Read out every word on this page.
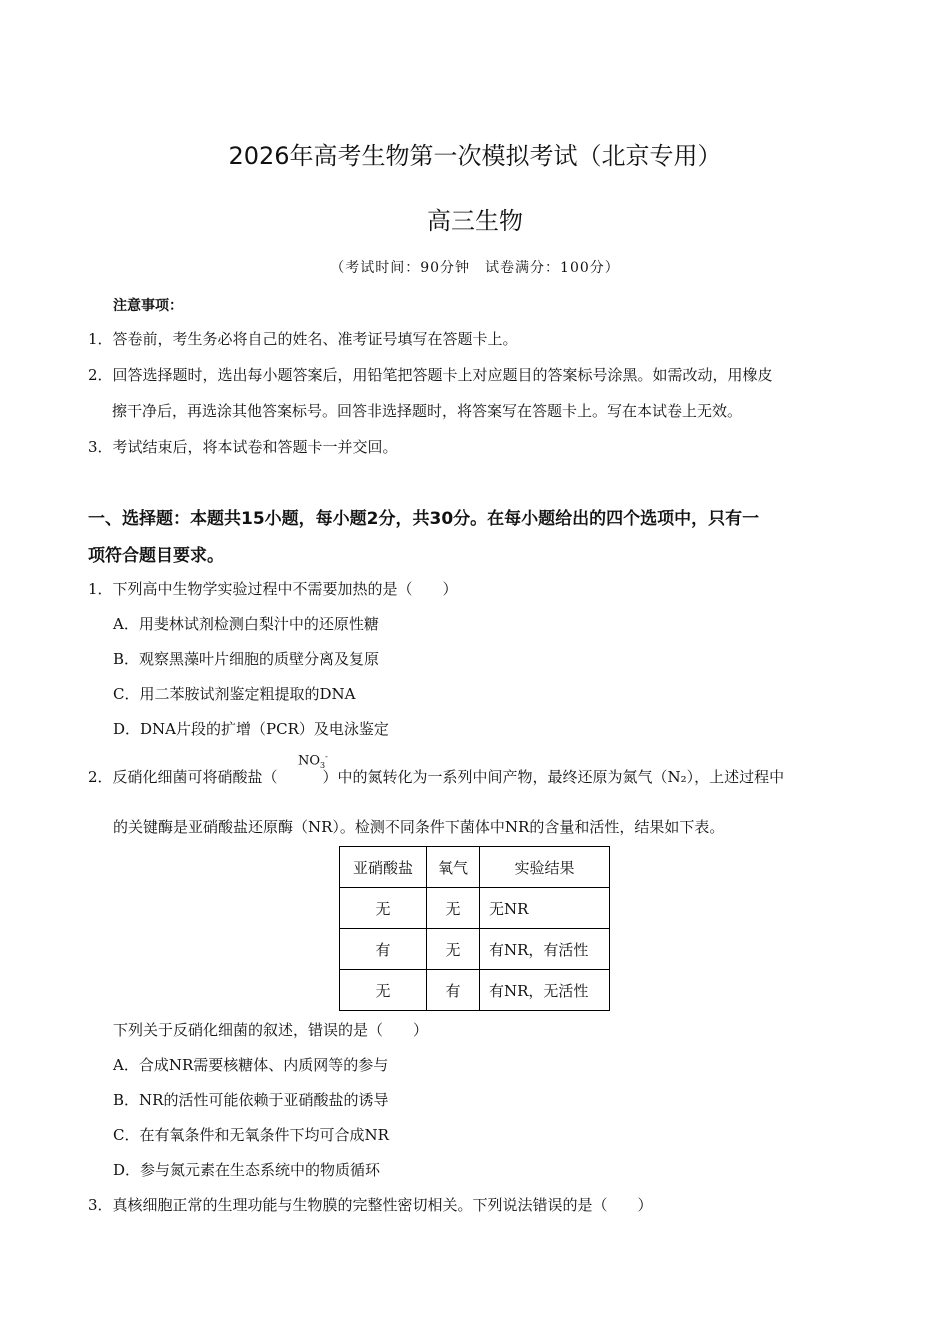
2026年高考生物第一次模拟考试（北京专用）
高三生物
（考试时间：90分钟　试卷满分：100分）
注意事项：
1．答卷前，考生务必将自己的姓名、准考证号填写在答题卡上。
2．回答选择题时，选出每小题答案后，用铅笔把答题卡上对应题目的答案标号涂黑。如需改动，用橡皮
擦干净后，再选涂其他答案标号。回答非选择题时，将答案写在答题卡上。写在本试卷上无效。
3．考试结束后，将本试卷和答题卡一并交回。
一、选择题：本题共15小题，每小题2分，共30分。在每小题给出的四个选项中，只有一
项符合题目要求。
1．下列高中生物学实验过程中不需要加热的是（　　）
A．用斐林试剂检测白梨汁中的还原性糖
B．观察黑藻叶片细胞的质壁分离及复原
C．用二苯胺试剂鉴定粗提取的DNA
D．DNA片段的扩增（PCR）及电泳鉴定
2．反硝化细菌可将硝酸盐（　　　）中的氮转化为一系列中间产物，最终还原为氮气（N₂），上述过程中
$NO_3^-$
的关键酶是亚硝酸盐还原酶（NR）。检测不同条件下菌体中NR的含量和活性，结果如下表。
亚硝酸盐	氧气	实验结果
无	无	无NR
有	无	有NR，有活性
无	有	有NR，无活性
下列关于反硝化细菌的叙述，错误的是（　　）
A．合成NR需要核糖体、内质网等的参与
B．NR的活性可能依赖于亚硝酸盐的诱导
C．在有氧条件和无氧条件下均可合成NR
D．参与氮元素在生态系统中的物质循环
3．真核细胞正常的生理功能与生物膜的完整性密切相关。下列说法错误的是（　　）
